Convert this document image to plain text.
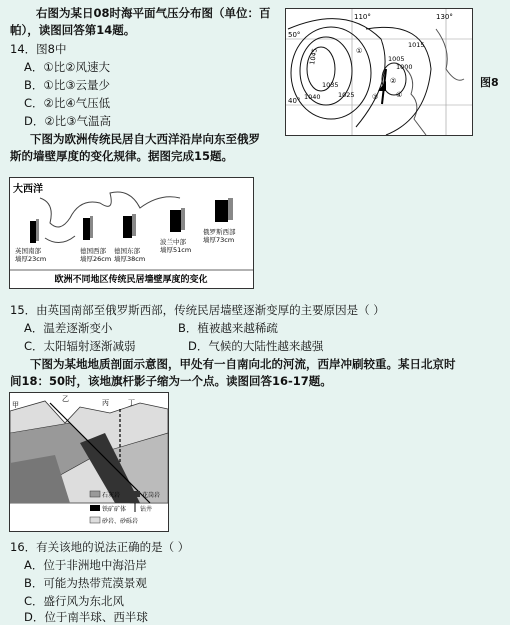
右图为某日08时海平面气压分布图（单位：百
帕），读图回答第14题。
14．图8中
A．①比②风速大
B．①比③云量少
C．②比④气压低
D．②比③气温高
110°	130°
50°
40°
1045
1040
1035
1025
1015
1005
1000
①
②
③	④
图8
下图为欧洲传统民居自大西洋沿岸向东至俄罗
斯的墙壁厚度的变化规律。据图完成15题。
大西洋
英国南部
墙厚23cm
德国西部
墙厚26cm
德国东部
墙厚38cm
波兰中部
墙厚51cm
俄罗斯西部
墙厚73cm
欧洲不同地区传统民居墙壁厚度的变化
15．由英国南部至俄罗斯西部，传统民居墙壁逐渐变厚的主要原因是（ ）
A．温差逐渐变小	B．植被越来越稀疏
C．太阳辐射逐渐减弱	D．气候的大陆性越来越强
下图为某地地质剖面示意图，甲处有一自南向北的河流，西岸冲刷较重。某日北京时
间18：50时，该地旗杆影子缩为一个点。读图回答16-17题。
甲
乙	丙	丁
石灰岩	花岗岩
铁矿矿体 钻井
砂岩、砂砾岩
16．有关该地的说法正确的是（ ）
A．位于非洲地中海沿岸
B．可能为热带荒漠景观
C．盛行风为东北风
D．位于南半球、西半球
